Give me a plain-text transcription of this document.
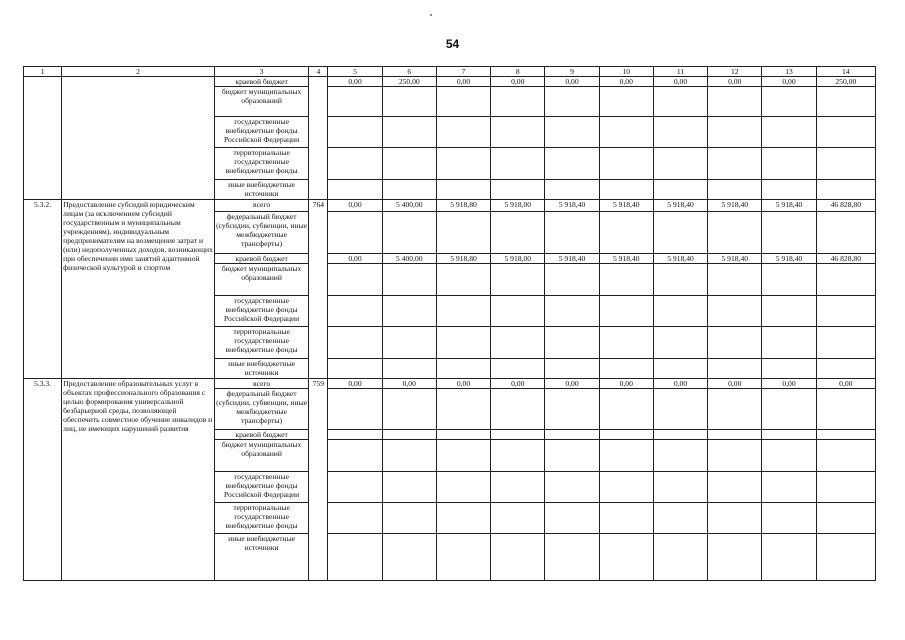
54
1	2	3	4	5	6	7	8	9	10	11	12	13	14
		краевой бюджет		0,00	250,00	0,00	0,00	0,00	0,00	0,00	0,00	0,00	250,00
		бюджет муниципальных образований											
		государственные внебюджетные фонды Российской Федерации											
		территориальные государственные внебюджетные фонды											
		иные внебюджетные источники											
5.3.2.	Предоставление субсидий юридическим лицам (за исключением субсидий государственным и муниципальным учреждениям), индивидуальным предпринимателям на возмещение затрат и (или) недополученных доходов, возникающих при обеспечении ими занятий адаптивной физической культурой и спортом	всего	764	0,00	5 400,00	5 918,80	5 918,00	5 918,40	5 918,40	5 918,40	5 918,40	5 918,40	46 828,80
		федеральный бюджет (субсидии, субвенции, иные межбюджетные трансферты)											
		краевой бюджет		0,00	5 400,00	5 918,80	5 918,00	5 918,40	5 918,40	5 918,40	5 918,40	5 918,40	46 828,80
		бюджет муниципальных образований											
		государственные внебюджетные фонды Российской Федерации											
		территориальные государственные внебюджетные фонды											
		иные внебюджетные источники											
5.3.3.	Предоставление образовательных услуг в объектах профессионального образования с целью формирования универсальной безбарьерной среды, позволяющей обеспечить совместное обучение инвалидов и лиц, не имеющих нарушений развития	всего	759	0,00	0,00	0,00	0,00	0,00	0,00	0,00	0,00	0,00	0,00
		федеральный бюджет (субсидии, субвенции, иные межбюджетные трансферты)											
		краевой бюджет											
		бюджет муниципальных образований											
		государственные внебюджетные фонды Российской Федерации											
		территориальные государственные внебюджетные фонды											
		иные внебюджетные источники											
